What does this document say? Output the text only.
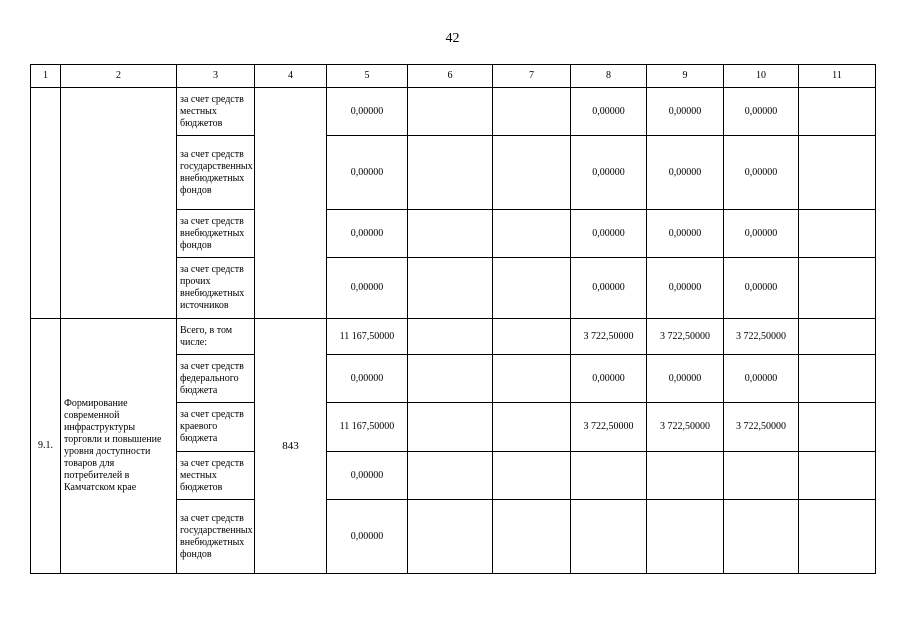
42
1	2	3	4	5	6	7	8	9	10	11
		за счет средств местных бюджетов		0,00000			0,00000	0,00000	0,00000	
		за счет средств государственных внебюджетных фондов		0,00000			0,00000	0,00000	0,00000	
		за счет средств внебюджетных фондов		0,00000			0,00000	0,00000	0,00000	
		за счет средств прочих внебюджетных источников		0,00000			0,00000	0,00000	0,00000	
9.1.	Формирование современной инфраструктуры торговли и повышение уровня доступности товаров для потребителей в Камчатском крае	Всего, в том числе:	843	11 167,50000			3 722,50000	3 722,50000	3 722,50000	
		за счет средств федерального бюджета		0,00000			0,00000	0,00000	0,00000	
		за счет средств краевого бюджета		11 167,50000			3 722,50000	3 722,50000	3 722,50000	
		за счет средств местных бюджетов		0,00000						
		за счет средств государственных внебюджетных фондов		0,00000						
